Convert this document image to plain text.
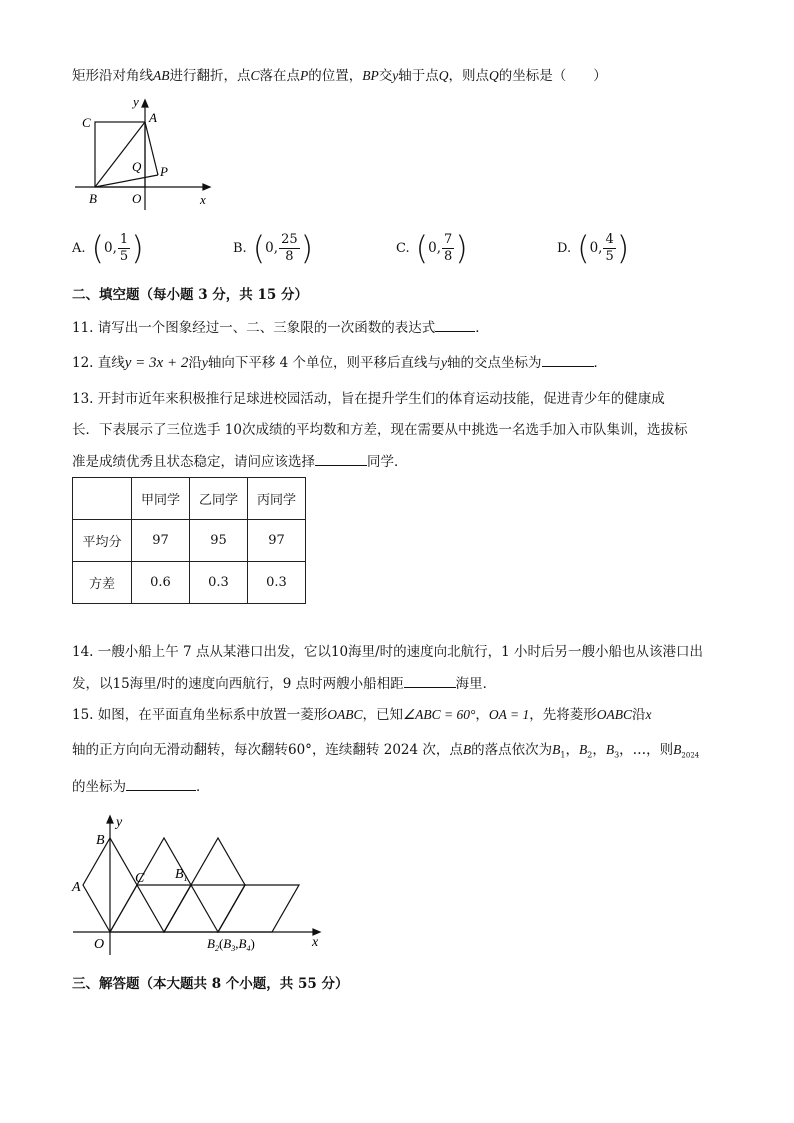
矩形沿对角线AB进行翻折，点C落在点P的位置，BP交y轴于点Q，则点Q的坐标是（　　）
y
x
A
B
C
O
P
Q
A. ( 0, $\frac{1}{5}$ )	B. ( 0, $\frac{25}{8}$ )	C. ( 0, $\frac{7}{8}$ )	D. ( 0, $\frac{4}{5}$ )
二、填空题（每小题 3 分，共 15 分）
11. 请写出一个图象经过一、二、三象限的一次函数的表达式	．
12. 直线y = 3x + 2沿y轴向下平移 4 个单位，则平移后直线与y轴的交点坐标为	．
13. 开封市近年来积极推行足球进校园活动，旨在提升学生们的体育运动技能，促进青少年的健康成
长．下表展示了三位选手 10次成绩的平均数和方差，现在需要从中挑选一名选手加入市队集训，选拔标
准是成绩优秀且状态稳定，请问应该选择	同学．
	甲同学	乙同学	丙同学
平均分	97	95	97
方差	0.6	0.3	0.3
14. 一艘小船上午 7 点从某港口出发，它以10海里/时的速度向北航行，1 小时后另一艘小船也从该港口出
发，以15海里/时的速度向西航行，9 点时两艘小船相距	海里．
15. 如图，在平面直角坐标系中放置一菱形OABC，已知∠ABC = 60°，OA = 1，先将菱形OABC沿x
轴的正方向向无滑动翻转，每次翻转60°，连续翻转 2024 次，点B的落点依次为$B_1$，$B_2$，$B_3$，…，则$B_{2024}$
的坐标为	．
y
x
B
A
C
O
$B_1$
$B_2(B_3,B_4)$
三、解答题（本大题共 8 个小题，共 55 分）
